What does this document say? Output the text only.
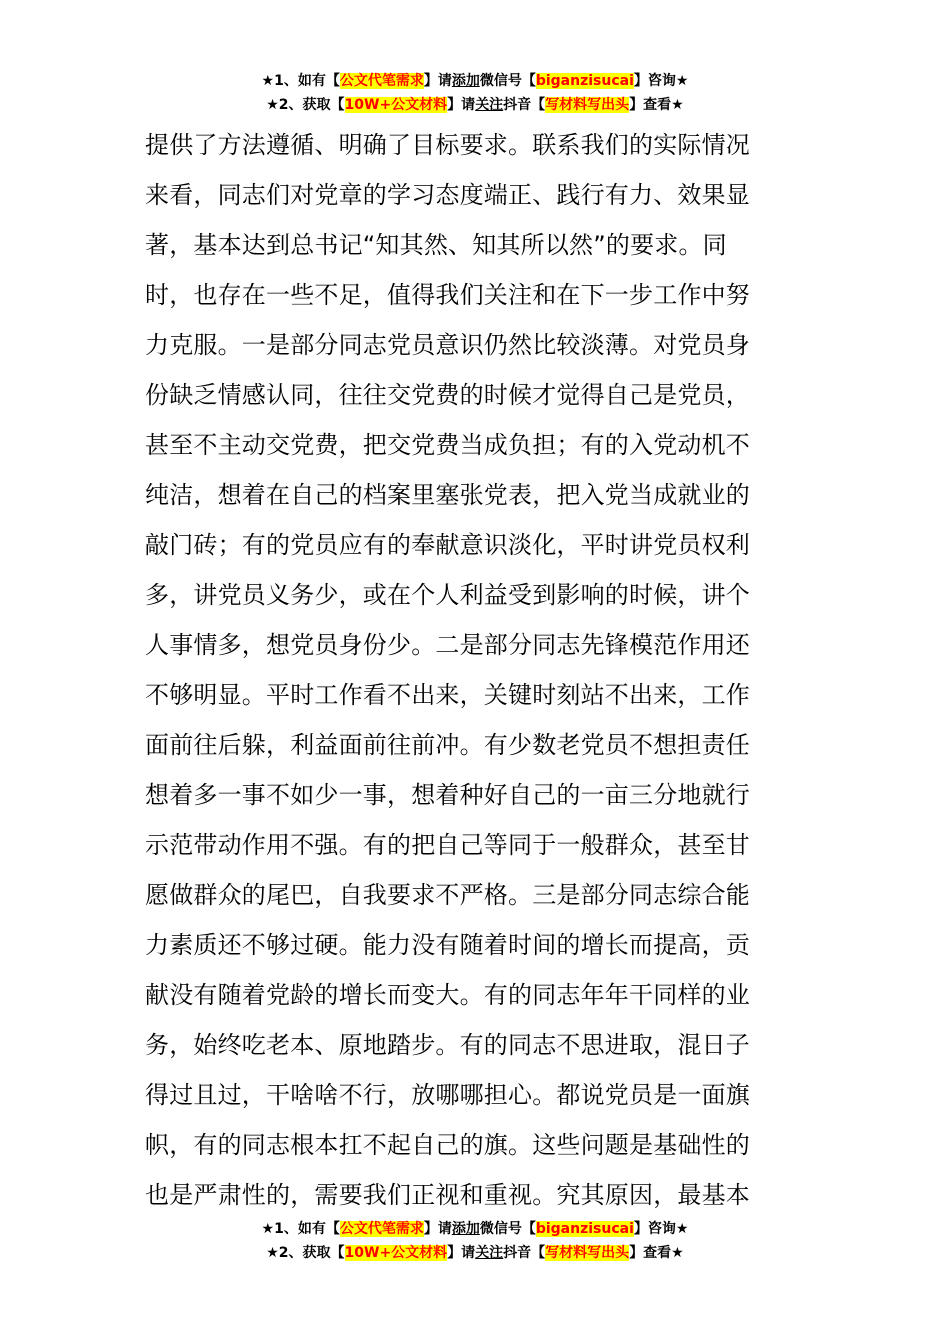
★1、如有【公文代笔需求】请添加微信号【biganzisucai】咨询★
★2、获取【10W+公文材料】请关注抖音【写材料写出头】查看★
提供了方法遵循、明确了目标要求。联系我们的实际情况
来看，同志们对党章的学习态度端正、践行有力、效果显
著，基本达到总书记“知其然、知其所以然”的要求。同
时，也存在一些不足，值得我们关注和在下一步工作中努
力克服。一是部分同志党员意识仍然比较淡薄。对党员身
份缺乏情感认同，往往交党费的时候才觉得自己是党员，
甚至不主动交党费，把交党费当成负担；有的入党动机不
纯洁，想着在自己的档案里塞张党表，把入党当成就业的
敲门砖；有的党员应有的奉献意识淡化，平时讲党员权利
多，讲党员义务少，或在个人利益受到影响的时候，讲个
人事情多，想党员身份少。二是部分同志先锋模范作用还
不够明显。平时工作看不出来，关键时刻站不出来，工作
面前往后躲，利益面前往前冲。有少数老党员不想担责任
想着多一事不如少一事，想着种好自己的一亩三分地就行
示范带动作用不强。有的把自己等同于一般群众，甚至甘
愿做群众的尾巴，自我要求不严格。三是部分同志综合能
力素质还不够过硬。能力没有随着时间的增长而提高，贡
献没有随着党龄的增长而变大。有的同志年年干同样的业
务，始终吃老本、原地踏步。有的同志不思进取，混日子
得过且过，干啥啥不行，放哪哪担心。都说党员是一面旗
帜，有的同志根本扛不起自己的旗。这些问题是基础性的
也是严肃性的，需要我们正视和重视。究其原因，最基本
★1、如有【公文代笔需求】请添加微信号【biganzisucai】咨询★
★2、获取【10W+公文材料】请关注抖音【写材料写出头】查看★
